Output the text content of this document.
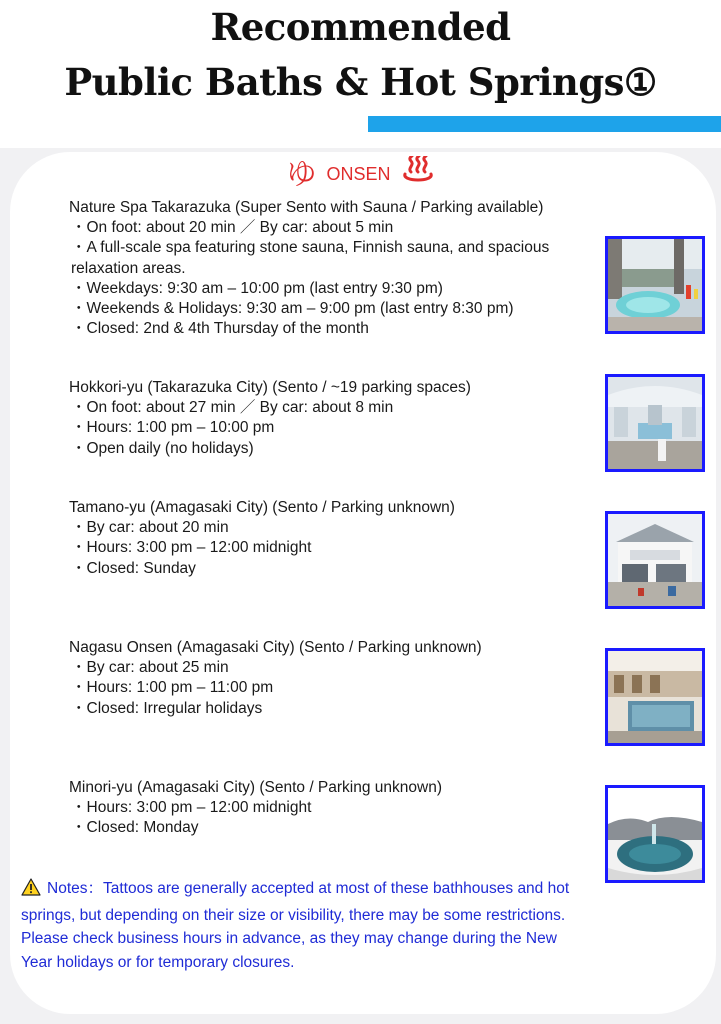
Recommended
Public Baths & Hot Springs①
ゆONSEN
Nature Spa Takarazuka (Super Sento with Sauna / Parking available)
・On foot: about 20 min ／ By car: about 5 min
・A full-scale spa featuring stone sauna, Finnish sauna, and spacious relaxation areas.
・Weekdays: 9:30 am – 10:00 pm (last entry 9:30 pm)
・Weekends & Holidays: 9:30 am – 9:00 pm (last entry 8:30 pm)
・Closed: 2nd & 4th Thursday of the month
Hokkori-yu (Takarazuka City) (Sento / ~19 parking spaces)
・On foot: about 27 min ／ By car: about 8 min
・Hours: 1:00 pm – 10:00 pm
・Open daily (no holidays)
Tamano-yu (Amagasaki City) (Sento / Parking unknown)
・By car: about 20 min
・Hours: 3:00 pm – 12:00 midnight
・Closed: Sunday
Nagasu Onsen (Amagasaki City) (Sento / Parking unknown)
・By car: about 25 min
・Hours: 1:00 pm – 11:00 pm
・Closed: Irregular holidays
Minori-yu (Amagasaki City) (Sento / Parking unknown)
・Hours: 3:00 pm – 12:00 midnight
・Closed: Monday
Notes：Tattoos are generally accepted at most of these bathhouses and hot springs, but depending on their size or visibility, there may be some restrictions.
Please check business hours in advance, as they may change during the New Year holidays or for temporary closures.
